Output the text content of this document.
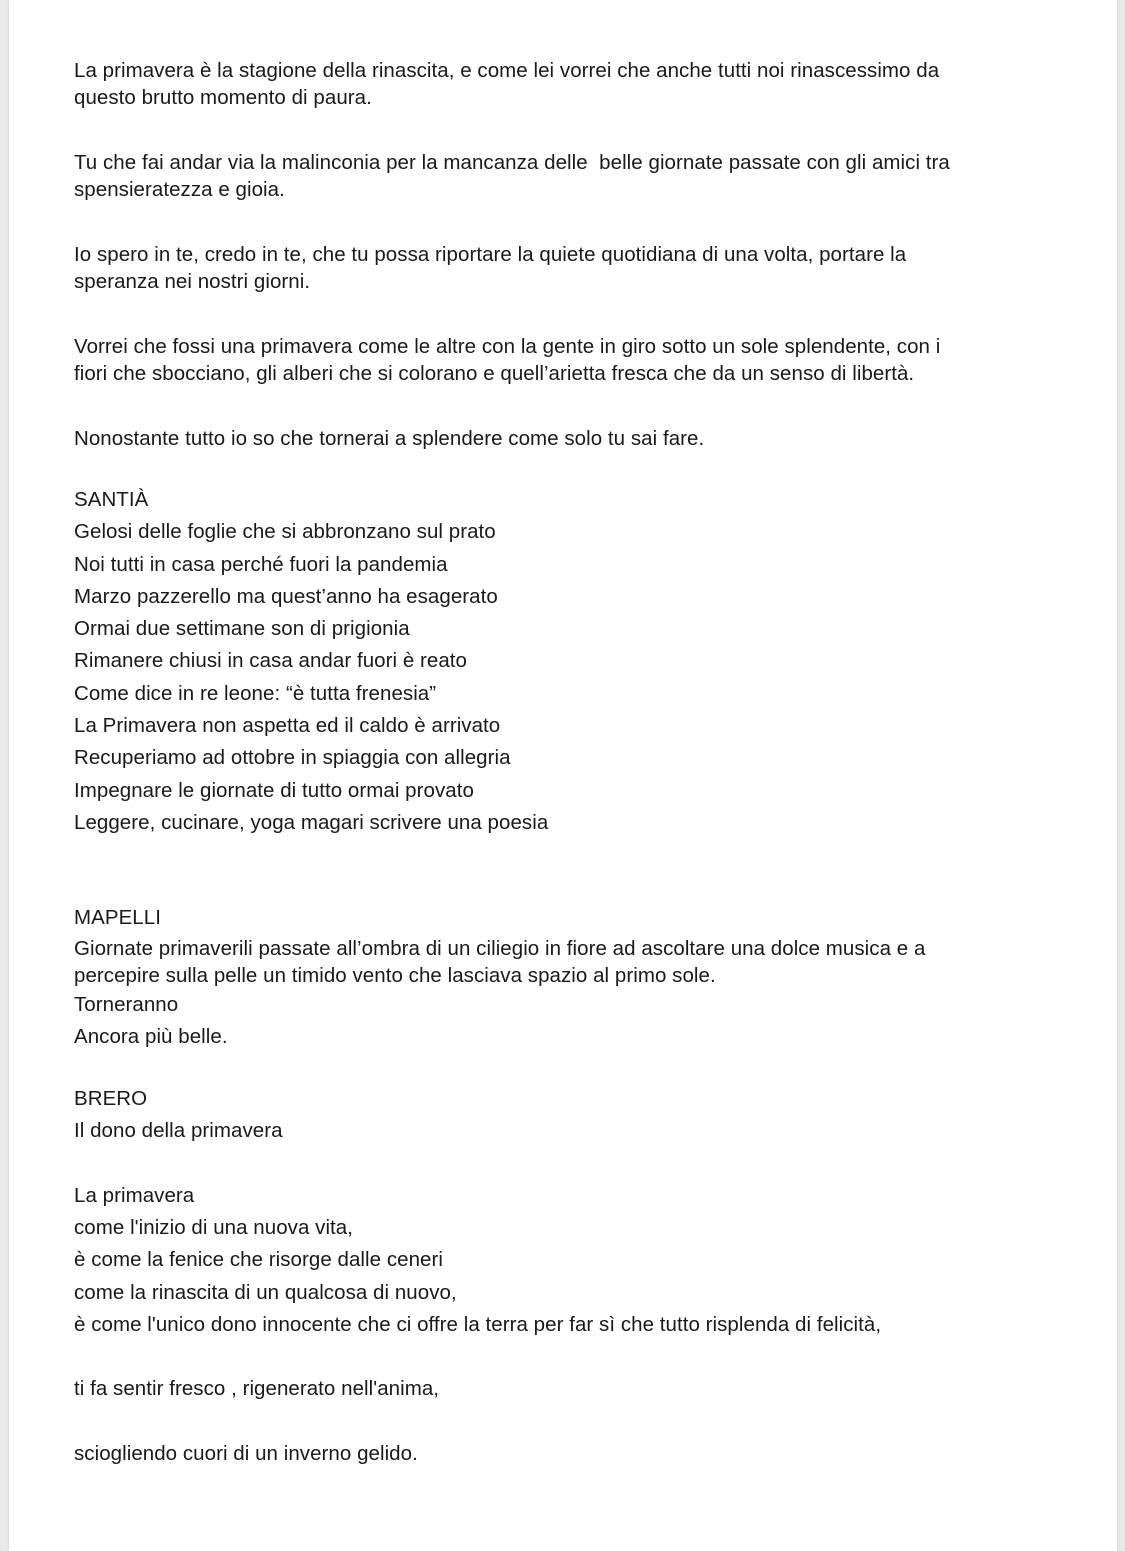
La primavera è la stagione della rinascita, e come lei vorrei che anche tutti noi rinascessimo da
questo brutto momento di paura.

Tu che fai andar via la malinconia per la mancanza delle  belle giornate passate con gli amici tra
spensieratezza e gioia.

Io spero in te, credo in te, che tu possa riportare la quiete quotidiana di una volta, portare la
speranza nei nostri giorni.

Vorrei che fossi una primavera come le altre con la gente in giro sotto un sole splendente, con i
fiori che sbocciano, gli alberi che si colorano e quell’arietta fresca che da un senso di libertà.

Nonostante tutto io so che tornerai a splendere come solo tu sai fare.

SANTIÀ

Gelosi delle foglie che si abbronzano sul prato

Noi tutti in casa perché fuori la pandemia

Marzo pazzerello ma quest’anno ha esagerato

Ormai due settimane son di prigionia

Rimanere chiusi in casa andar fuori è reato

Come dice in re leone: “è tutta frenesia”

La Primavera non aspetta ed il caldo è arrivato

Recuperiamo ad ottobre in spiaggia con allegria

Impegnare le giornate di tutto ormai provato

Leggere, cucinare, yoga magari scrivere una poesia

MAPELLI

Giornate primaverili passate all’ombra di un ciliegio in fiore ad ascoltare una dolce musica e a
percepire sulla pelle un timido vento che lasciava spazio al primo sole.

Torneranno

Ancora più belle.

BRERO

Il dono della primavera

La primavera

come l'inizio di una nuova vita,

è come la fenice che risorge dalle ceneri

come la rinascita di un qualcosa di nuovo,

è come l'unico dono innocente che ci offre la terra per far sì che tutto risplenda di felicità,

ti fa sentir fresco , rigenerato nell'anima,

sciogliendo cuori di un inverno gelido.
